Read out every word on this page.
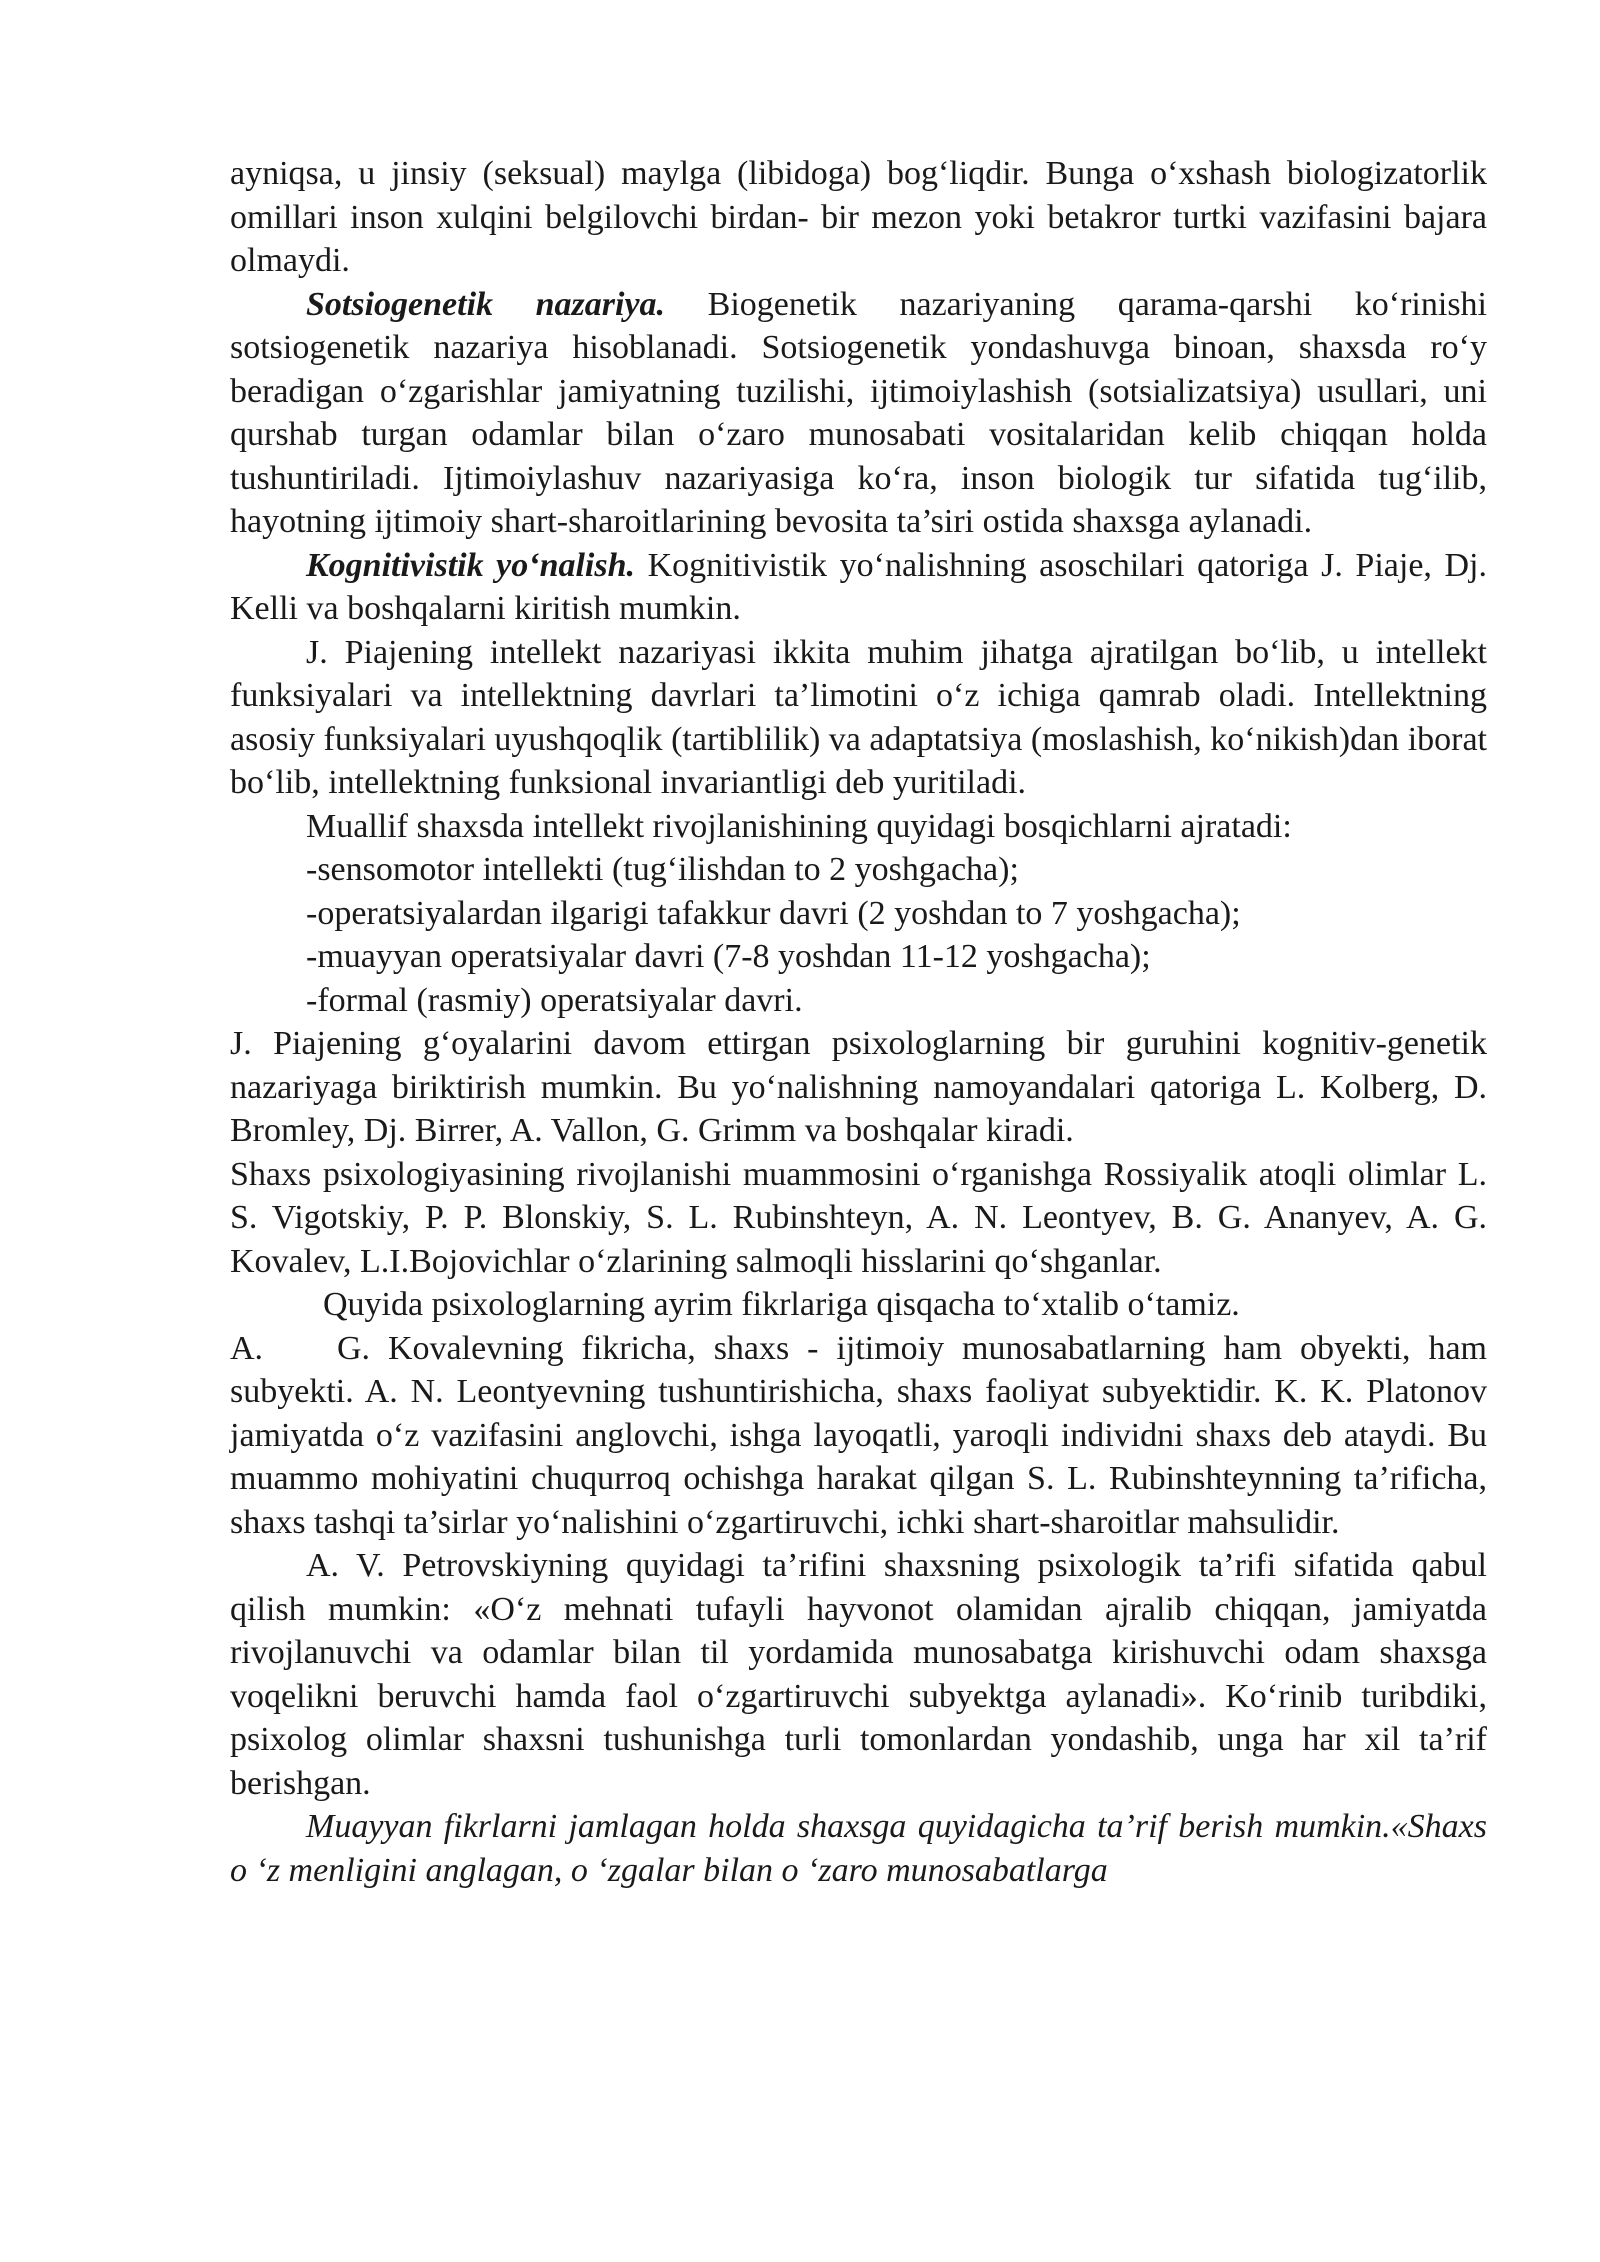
ayniqsa, u jinsiy (seksual) maylga (libidoga) bog‘liqdir. Bunga o‘xshash biologizatorlik omillari inson xulqini belgilovchi birdan- bir mezon yoki betakror turtki vazifasini bajara olmaydi.

Sotsiogenetik nazariya. Biogenetik nazariyaning qarama-qarshi ko‘rinishi sotsiogenetik nazariya hisoblanadi. Sotsiogenetik yondashuvga binoan, shaxsda ro‘y beradigan o‘zgarishlar jamiyatning tuzilishi, ijtimoiylashish (sotsializatsiya) usullari, uni qurshab turgan odamlar bilan o‘zaro munosabati vositalaridan kelib chiqqan holda tushuntiriladi. Ijtimoiylashuv nazariyasiga ko‘ra, inson biologik tur sifatida tug‘ilib, hayotning ijtimoiy shart-sharoitlarining bevosita ta’siri ostida shaxsga aylanadi.

Kognitivistik yo‘nalish. Kognitivistik yo‘nalishning asoschilari qatoriga J. Piaje, Dj. Kelli va boshqalarni kiritish mumkin.

J. Piajening intellekt nazariyasi ikkita muhim jihatga ajratilgan bo‘lib, u intellekt funksiyalari va intellektning davrlari ta’limotini o‘z ichiga qamrab oladi. Intellektning asosiy funksiyalari uyushqoqlik (tartiblilik) va adaptatsiya (moslashish, ko‘nikish)dan iborat bo‘lib, intellektning funksional invariantligi deb yuritiladi.

Muallif shaxsda intellekt rivojlanishining quyidagi bosqichlarni ajratadi:

-sensomotor intellekti (tug‘ilishdan to 2 yoshgacha);

-operatsiyalardan ilgarigi tafakkur davri (2 yoshdan to 7 yoshgacha);

-muayyan operatsiyalar davri (7-8 yoshdan 11-12 yoshgacha);

-formal (rasmiy) operatsiyalar davri.

J. Piajening g‘oyalarini davom ettirgan psixologlarning bir guruhini kognitiv-genetik nazariyaga biriktirish mumkin. Bu yo‘nalishning namoyandalari qatoriga L. Kolberg, D. Bromley, Dj. Birrer, A. Vallon, G. Grimm va boshqalar kiradi.

Shaxs psixologiyasining rivojlanishi muammosini o‘rganishga Rossiyalik atoqli olimlar L. S. Vigotskiy, P. P. Blonskiy, S. L. Rubinshteyn, A. N. Leontyev, B. G. Ananyev, A. G. Kovalev, L.I.Bojovichlar o‘zlarining salmoqli hisslarini qo‘shganlar.

Quyida psixologlarning ayrim fikrlariga qisqacha to‘xtalib o‘tamiz.

A. G. Kovalevning fikricha, shaxs - ijtimoiy munosabatlarning ham obyekti, ham subyekti. A. N. Leontyevning tushuntirishicha, shaxs faoliyat subyektidir. K. K. Platonov jamiyatda o‘z vazifasini anglovchi, ishga layoqatli, yaroqli individni shaxs deb ataydi. Bu muammo mohiyatini chuqurroq ochishga harakat qilgan S. L. Rubinshteynning ta’rificha, shaxs tashqi ta’sirlar yo‘nalishini o‘zgartiruvchi, ichki shart-sharoitlar mahsulidir.

A. V. Petrovskiyning quyidagi ta’rifini shaxsning psixologik ta’rifi sifatida qabul qilish mumkin: «O‘z mehnati tufayli hayvonot olamidan ajralib chiqqan, jamiyatda rivojlanuvchi va odamlar bilan til yordamida munosabatga kirishuvchi odam shaxsga voqelikni beruvchi hamda faol o‘zgartiruvchi subyektga aylanadi». Ko‘rinib turibdiki, psixolog olimlar shaxsni tushunishga turli tomonlardan yondashib, unga har xil ta’rif berishgan.

Muayyan fikrlarni jamlagan holda shaxsga quyidagicha ta’rif berish mumkin.«Shaxs o ‘z menligini anglagan, o ‘zgalar bilan o ‘zaro munosabatlarga
